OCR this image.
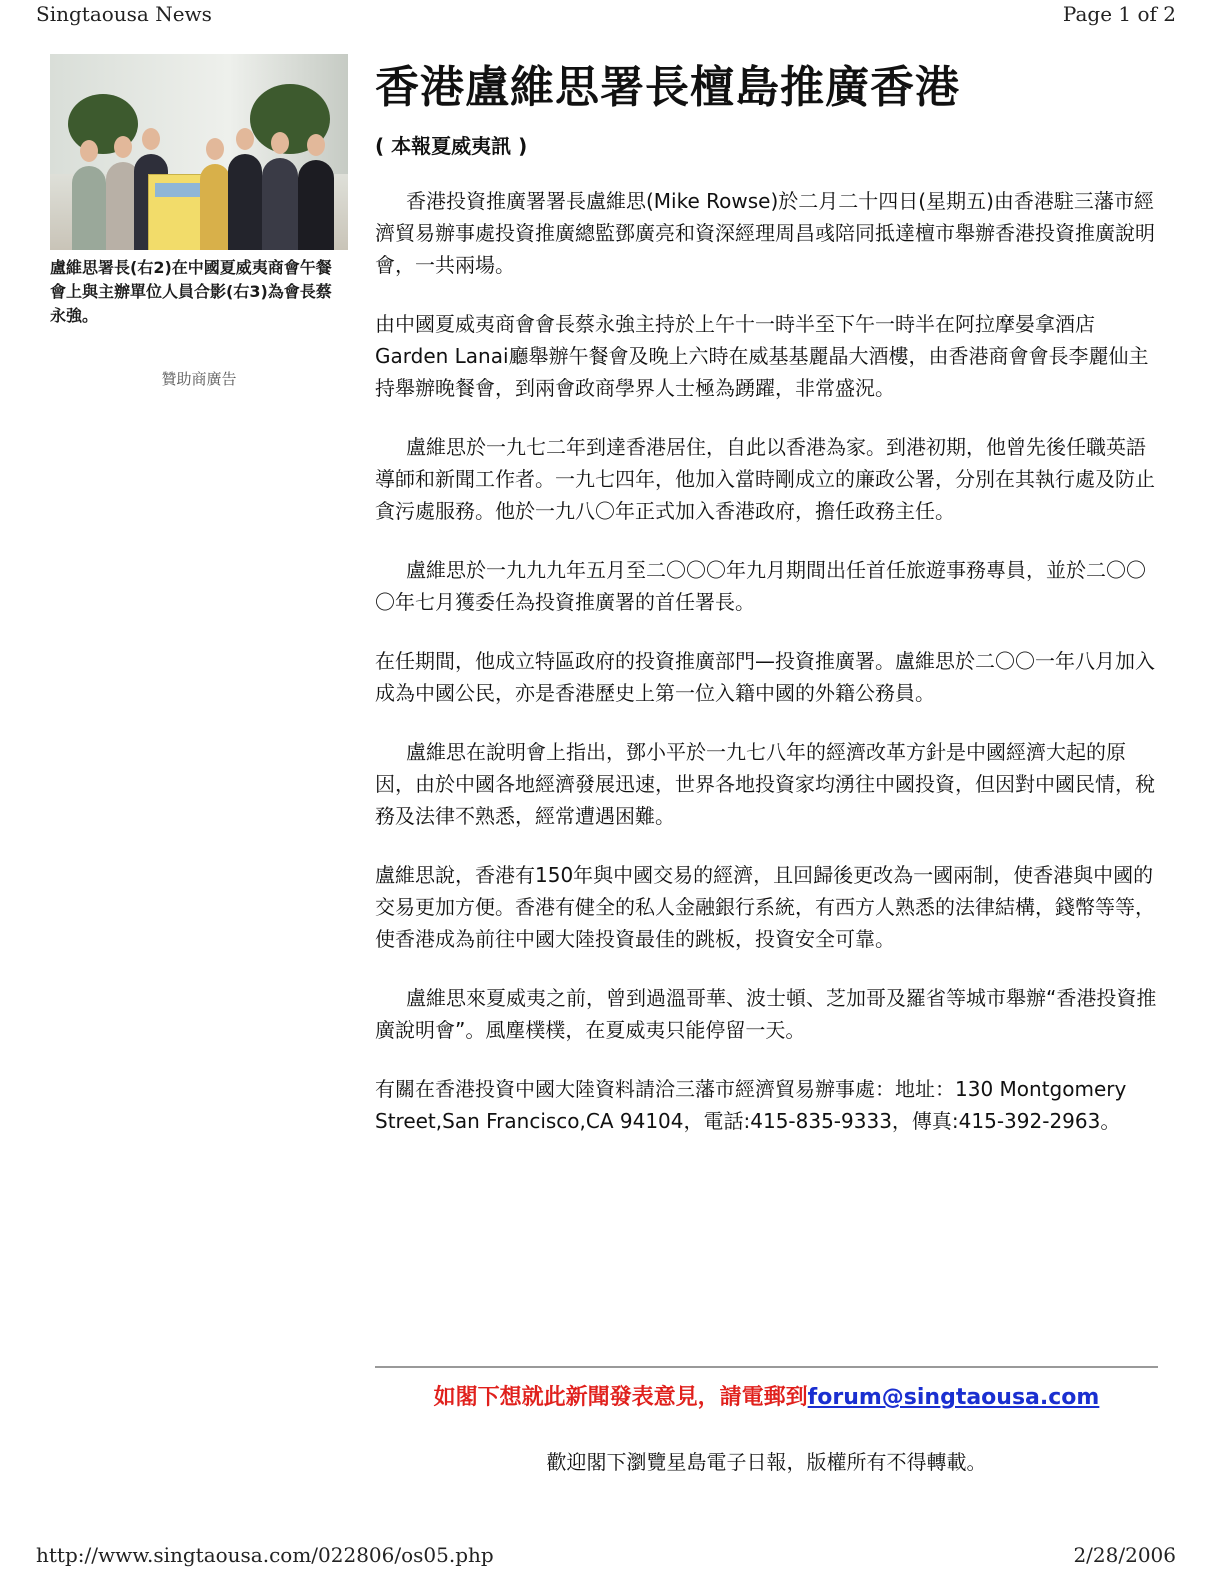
Singtaousa News	Page 1 of 2
盧維思署長(右2)在中國夏威夷商會午餐會上與主辦單位人員合影(右3)為會長蔡永強。
贊助商廣告
香港盧維思署長檀島推廣香港
( 本報夏威夷訊 )

香港投資推廣署署長盧維思(Mike Rowse)於二月二十四日(星期五)由香港駐三藩市經濟貿易辦事處投資推廣總監鄧廣亮和資深經理周昌彧陪同抵達檀市舉辦香港投資推廣說明會，一共兩場。

由中國夏威夷商會會長蔡永強主持於上午十一時半至下午一時半在阿拉摩晏拿酒店Garden Lanai廳舉辦午餐會及晚上六時在威基基麗晶大酒樓，由香港商會會長李麗仙主持舉辦晚餐會，到兩會政商學界人士極為踴躍，非常盛況。

盧維思於一九七二年到達香港居住，自此以香港為家。到港初期，他曾先後任職英語導師和新聞工作者。一九七四年，他加入當時剛成立的廉政公署，分別在其執行處及防止貪污處服務。他於一九八〇年正式加入香港政府，擔任政務主任。

盧維思於一九九九年五月至二〇〇〇年九月期間出任首任旅遊事務專員，並於二〇〇〇年七月獲委任為投資推廣署的首任署長。

在任期間，他成立特區政府的投資推廣部門—投資推廣署。盧維思於二〇〇一年八月加入成為中國公民，亦是香港歷史上第一位入籍中國的外籍公務員。

盧維思在說明會上指出，鄧小平於一九七八年的經濟改革方針是中國經濟大起的原因，由於中國各地經濟發展迅速，世界各地投資家均湧往中國投資，但因對中國民情，稅務及法律不熟悉，經常遭遇困難。

盧維思說，香港有150年與中國交易的經濟，且回歸後更改為一國兩制，使香港與中國的交易更加方便。香港有健全的私人金融銀行系統，有西方人熟悉的法律結構，錢幣等等，使香港成為前往中國大陸投資最佳的跳板，投資安全可靠。

盧維思來夏威夷之前，曾到過溫哥華、波士頓、芝加哥及羅省等城市舉辦“香港投資推廣說明會”。風塵樸樸，在夏威夷只能停留一天。

有關在香港投資中國大陸資料請洽三藩市經濟貿易辦事處：地址：130 Montgomery Street,San Francisco,CA 94104，電話:415-835-9333，傳真:415-392-2963。

如閣下想就此新聞發表意見，請電郵到forum@singtaousa.com
歡迎閣下瀏覽星島電子日報，版權所有不得轉載。
http://www.singtaousa.com/022806/os05.php	2/28/2006
